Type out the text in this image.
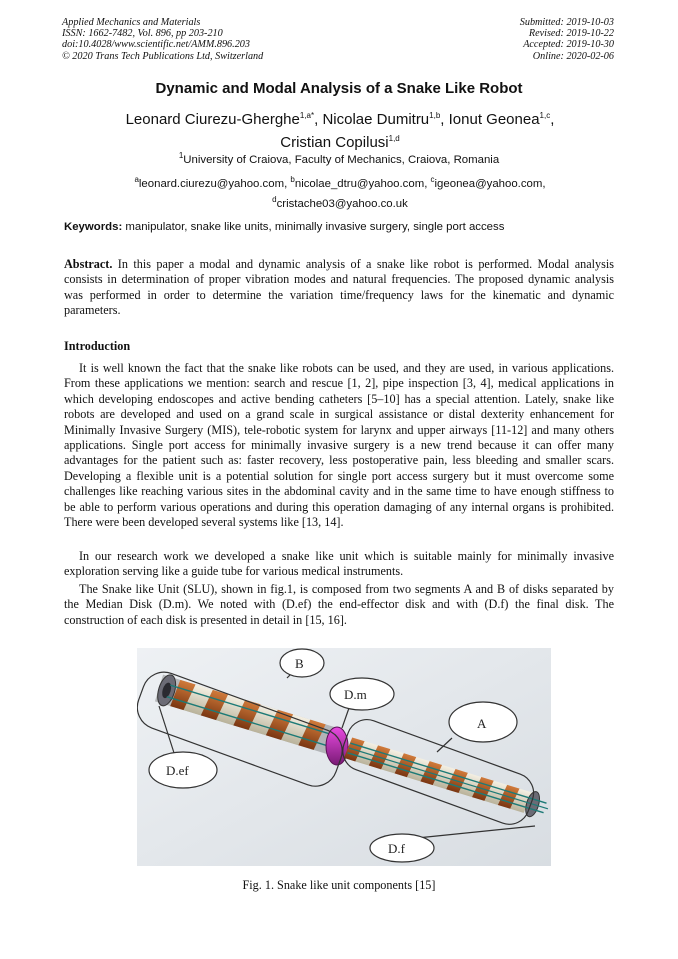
Applied Mechanics and Materials
ISSN: 1662-7482, Vol. 896, pp 203-210
doi:10.4028/www.scientific.net/AMM.896.203
© 2020 Trans Tech Publications Ltd, Switzerland
Submitted: 2019-10-03
Revised: 2019-10-22
Accepted: 2019-10-30
Online: 2020-02-06
Dynamic and Modal Analysis of a Snake Like Robot
Leonard Ciurezu-Gherghe$^{1,a*}$, Nicolae Dumitru$^{1,b}$, Ionut Geonea$^{1,c}$,
Cristian Copilusi$^{1,d}$
$^1$University of Craiova, Faculty of Mechanics, Craiova, Romania
$^a$leonard.ciurezu@yahoo.com, $^b$nicolae_dtru@yahoo.com, $^c$igeonea@yahoo.com,
$^d$cristache03@yahoo.co.uk
Keywords: manipulator, snake like units, minimally invasive surgery, single port access
Abstract. In this paper a modal and dynamic analysis of a snake like robot is performed. Modal analysis consists in determination of proper vibration modes and natural frequencies. The proposed dynamic analysis was performed in order to determine the variation time/frequency laws for the kinematic and dynamic parameters.
Introduction
It is well known the fact that the snake like robots can be used, and they are used, in various applications. From these applications we mention: search and rescue [1, 2], pipe inspection [3, 4], medical applications in which developing endoscopes and active bending catheters [5–10] has a special attention. Lately, snake like robots are developed and used on a grand scale in surgical assistance or distal dexterity enhancement for Minimally Invasive Surgery (MIS), tele-robotic system for larynx and upper airways [11-12] and many others applications. Single port access for minimally invasive surgery is a new trend because it can offer many advantages for the patient such as: faster recovery, less postoperative pain, less bleeding and smaller scars. Developing a flexible unit is a potential solution for single port access surgery but it must overcome some challenges like reaching various sites in the abdominal cavity and in the same time to have enough stiffness to be able to perform various operations and during this operation damaging of any internal organs is prohibited. There were been developed several systems like [13, 14].
In our research work we developed a snake like unit which is suitable mainly for minimally invasive exploration serving like a guide tube for various medical instruments.
The Snake like Unit (SLU), shown in fig.1, is composed from two segments A and B of disks separated by the Median Disk (D.m). We noted with (D.ef) the end-effector disk and with (D.f) the final disk. The construction of each disk is presented in detail in [15, 16].
B
D.m
A
D.ef
D.f
Fig. 1. Snake like unit components [15]
